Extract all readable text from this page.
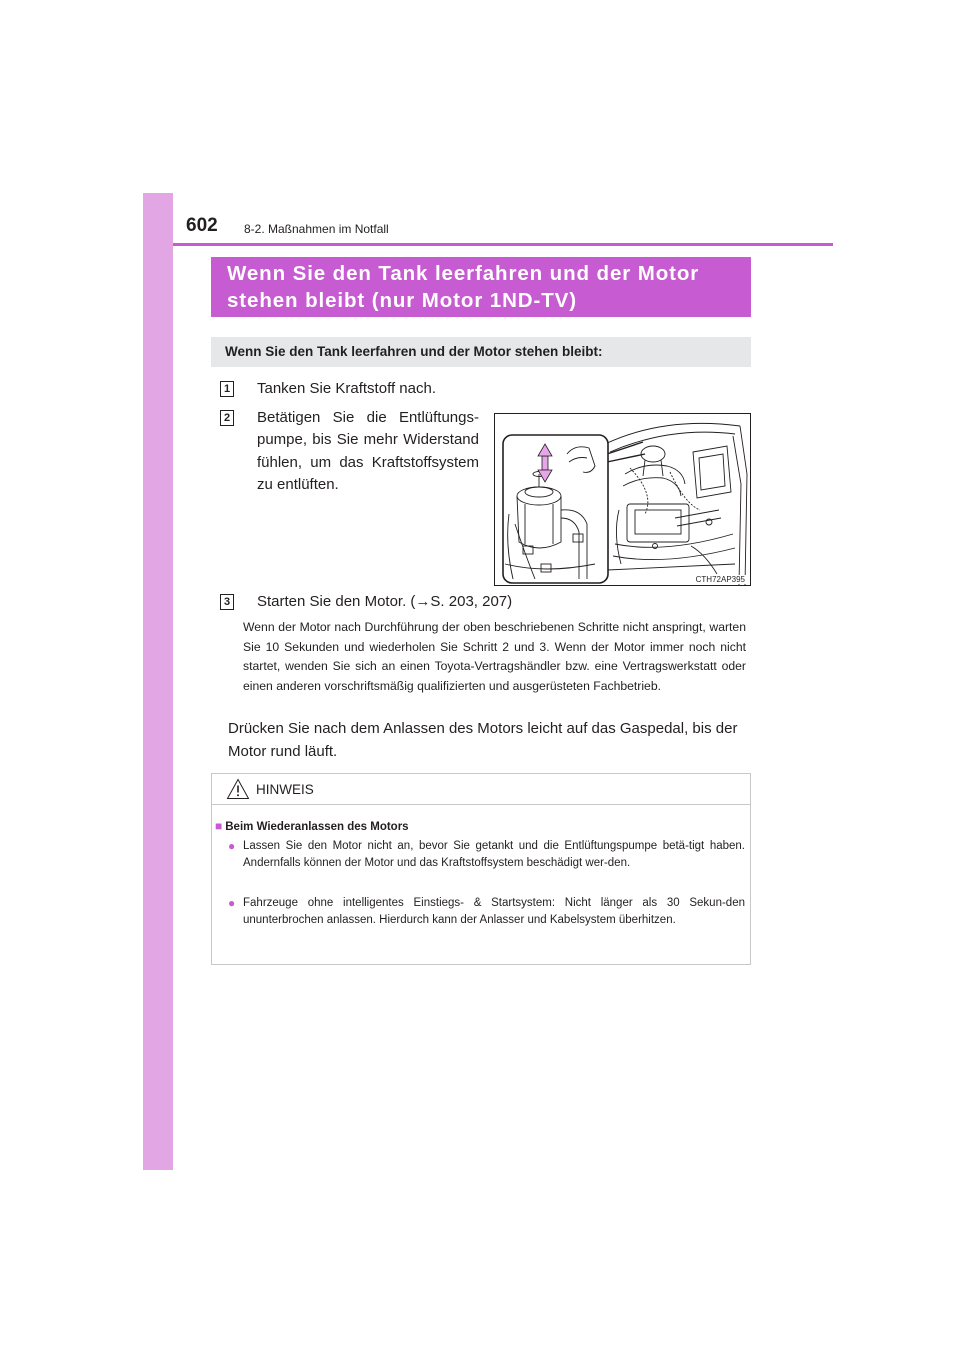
602 8-2. Maßnahmen im Notfall
Wenn Sie den Tank leerfahren und der Motor
stehen bleibt (nur Motor 1ND-TV)
Wenn Sie den Tank leerfahren und der Motor stehen bleibt:
1 Tanken Sie Kraftstoff nach.
2 Betätigen Sie die Entlüftungs-pumpe, bis Sie mehr Widerstand fühlen, um das Kraftstoffsystem zu entlüften.
CTH72AP395
3 Starten Sie den Motor. (→S. 203, 207)
Wenn der Motor nach Durchführung der oben beschriebenen Schritte nicht anspringt, warten Sie 10 Sekunden und wiederholen Sie Schritt 2 und 3. Wenn der Motor immer noch nicht startet, wenden Sie sich an einen Toyota-Vertragshändler bzw. eine Vertragswerkstatt oder einen anderen vorschriftsmäßig qualifizierten und ausgerüsteten Fachbetrieb.
Drücken Sie nach dem Anlassen des Motors leicht auf das Gaspedal, bis der Motor rund läuft.
HINWEIS
■ Beim Wiederanlassen des Motors
● Lassen Sie den Motor nicht an, bevor Sie getankt und die Entlüftungspumpe betä-tigt haben. Andernfalls können der Motor und das Kraftstoffsystem beschädigt wer-den.
● Fahrzeuge ohne intelligentes Einstiegs- & Startsystem: Nicht länger als 30 Sekun-den ununterbrochen anlassen. Hierdurch kann der Anlasser und Kabelsystem überhitzen.
